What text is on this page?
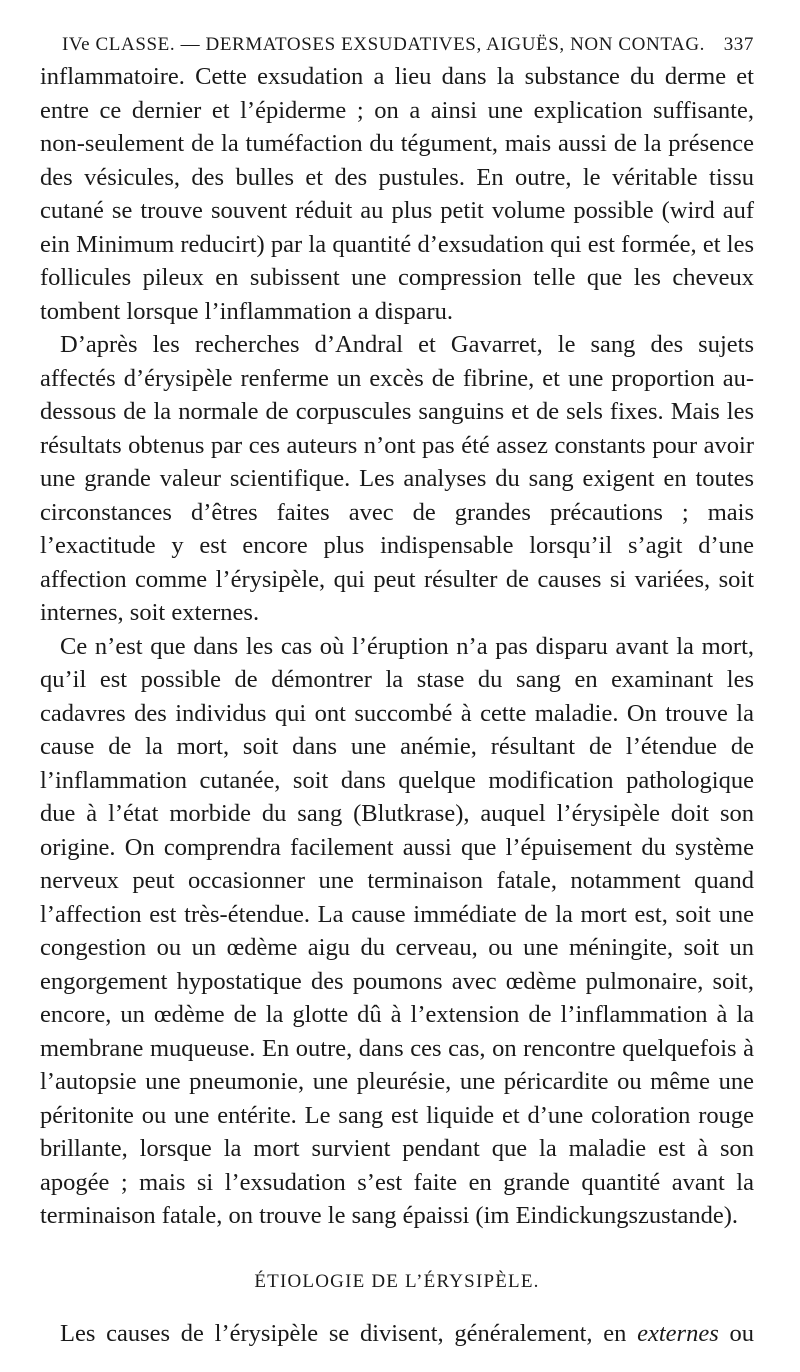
IVe CLASSE. — DERMATOSES EXSUDATIVES, AIGUËS, NON CONTAG. 337

inflammatoire. Cette exsudation a lieu dans la substance du derme et entre ce dernier et l’épiderme ; on a ainsi une explication suffisante, non-seulement de la tuméfaction du tégument, mais aussi de la présence des vésicules, des bulles et des pustules. En outre, le véritable tissu cutané se trouve souvent réduit au plus petit volume possible (wird auf ein Minimum reducirt) par la quantité d’exsudation qui est formée, et les follicules pileux en subissent une compression telle que les cheveux tombent lorsque l’inflammation a disparu.

D’après les recherches d’Andral et Gavarret, le sang des sujets affectés d’érysipèle renferme un excès de fibrine, et une proportion au-dessous de la normale de corpuscules sanguins et de sels fixes. Mais les résultats obtenus par ces auteurs n’ont pas été assez constants pour avoir une grande valeur scientifique. Les analyses du sang exigent en toutes circonstances d’êtres faites avec de grandes précautions ; mais l’exactitude y est encore plus indispensable lorsqu’il s’agit d’une affection comme l’érysipèle, qui peut résulter de causes si variées, soit internes, soit externes.

Ce n’est que dans les cas où l’éruption n’a pas disparu avant la mort, qu’il est possible de démontrer la stase du sang en examinant les cadavres des individus qui ont succombé à cette maladie. On trouve la cause de la mort, soit dans une anémie, résultant de l’étendue de l’inflammation cutanée, soit dans quelque modification pathologique due à l’état morbide du sang (Blutkrase), auquel l’érysipèle doit son origine. On comprendra facilement aussi que l’épuisement du système nerveux peut occasionner une terminaison fatale, notamment quand l’affection est très-étendue. La cause immédiate de la mort est, soit une congestion ou un œdème aigu du cerveau, ou une méningite, soit un engorgement hypostatique des poumons avec œdème pulmonaire, soit, encore, un œdème de la glotte dû à l’extension de l’inflammation à la membrane muqueuse. En outre, dans ces cas, on rencontre quelquefois à l’autopsie une pneumonie, une pleurésie, une péricardite ou même une péritonite ou une entérite. Le sang est liquide et d’une coloration rouge brillante, lorsque la mort survient pendant que la maladie est à son apogée ; mais si l’exsudation s’est faite en grande quantité avant la terminaison fatale, on trouve le sang épaissi (im Eindickungszustande).

ÉTIOLOGIE DE L’ÉRYSIPÈLE.
Les causes de l’érysipèle se divisent, généralement, en externes ou
